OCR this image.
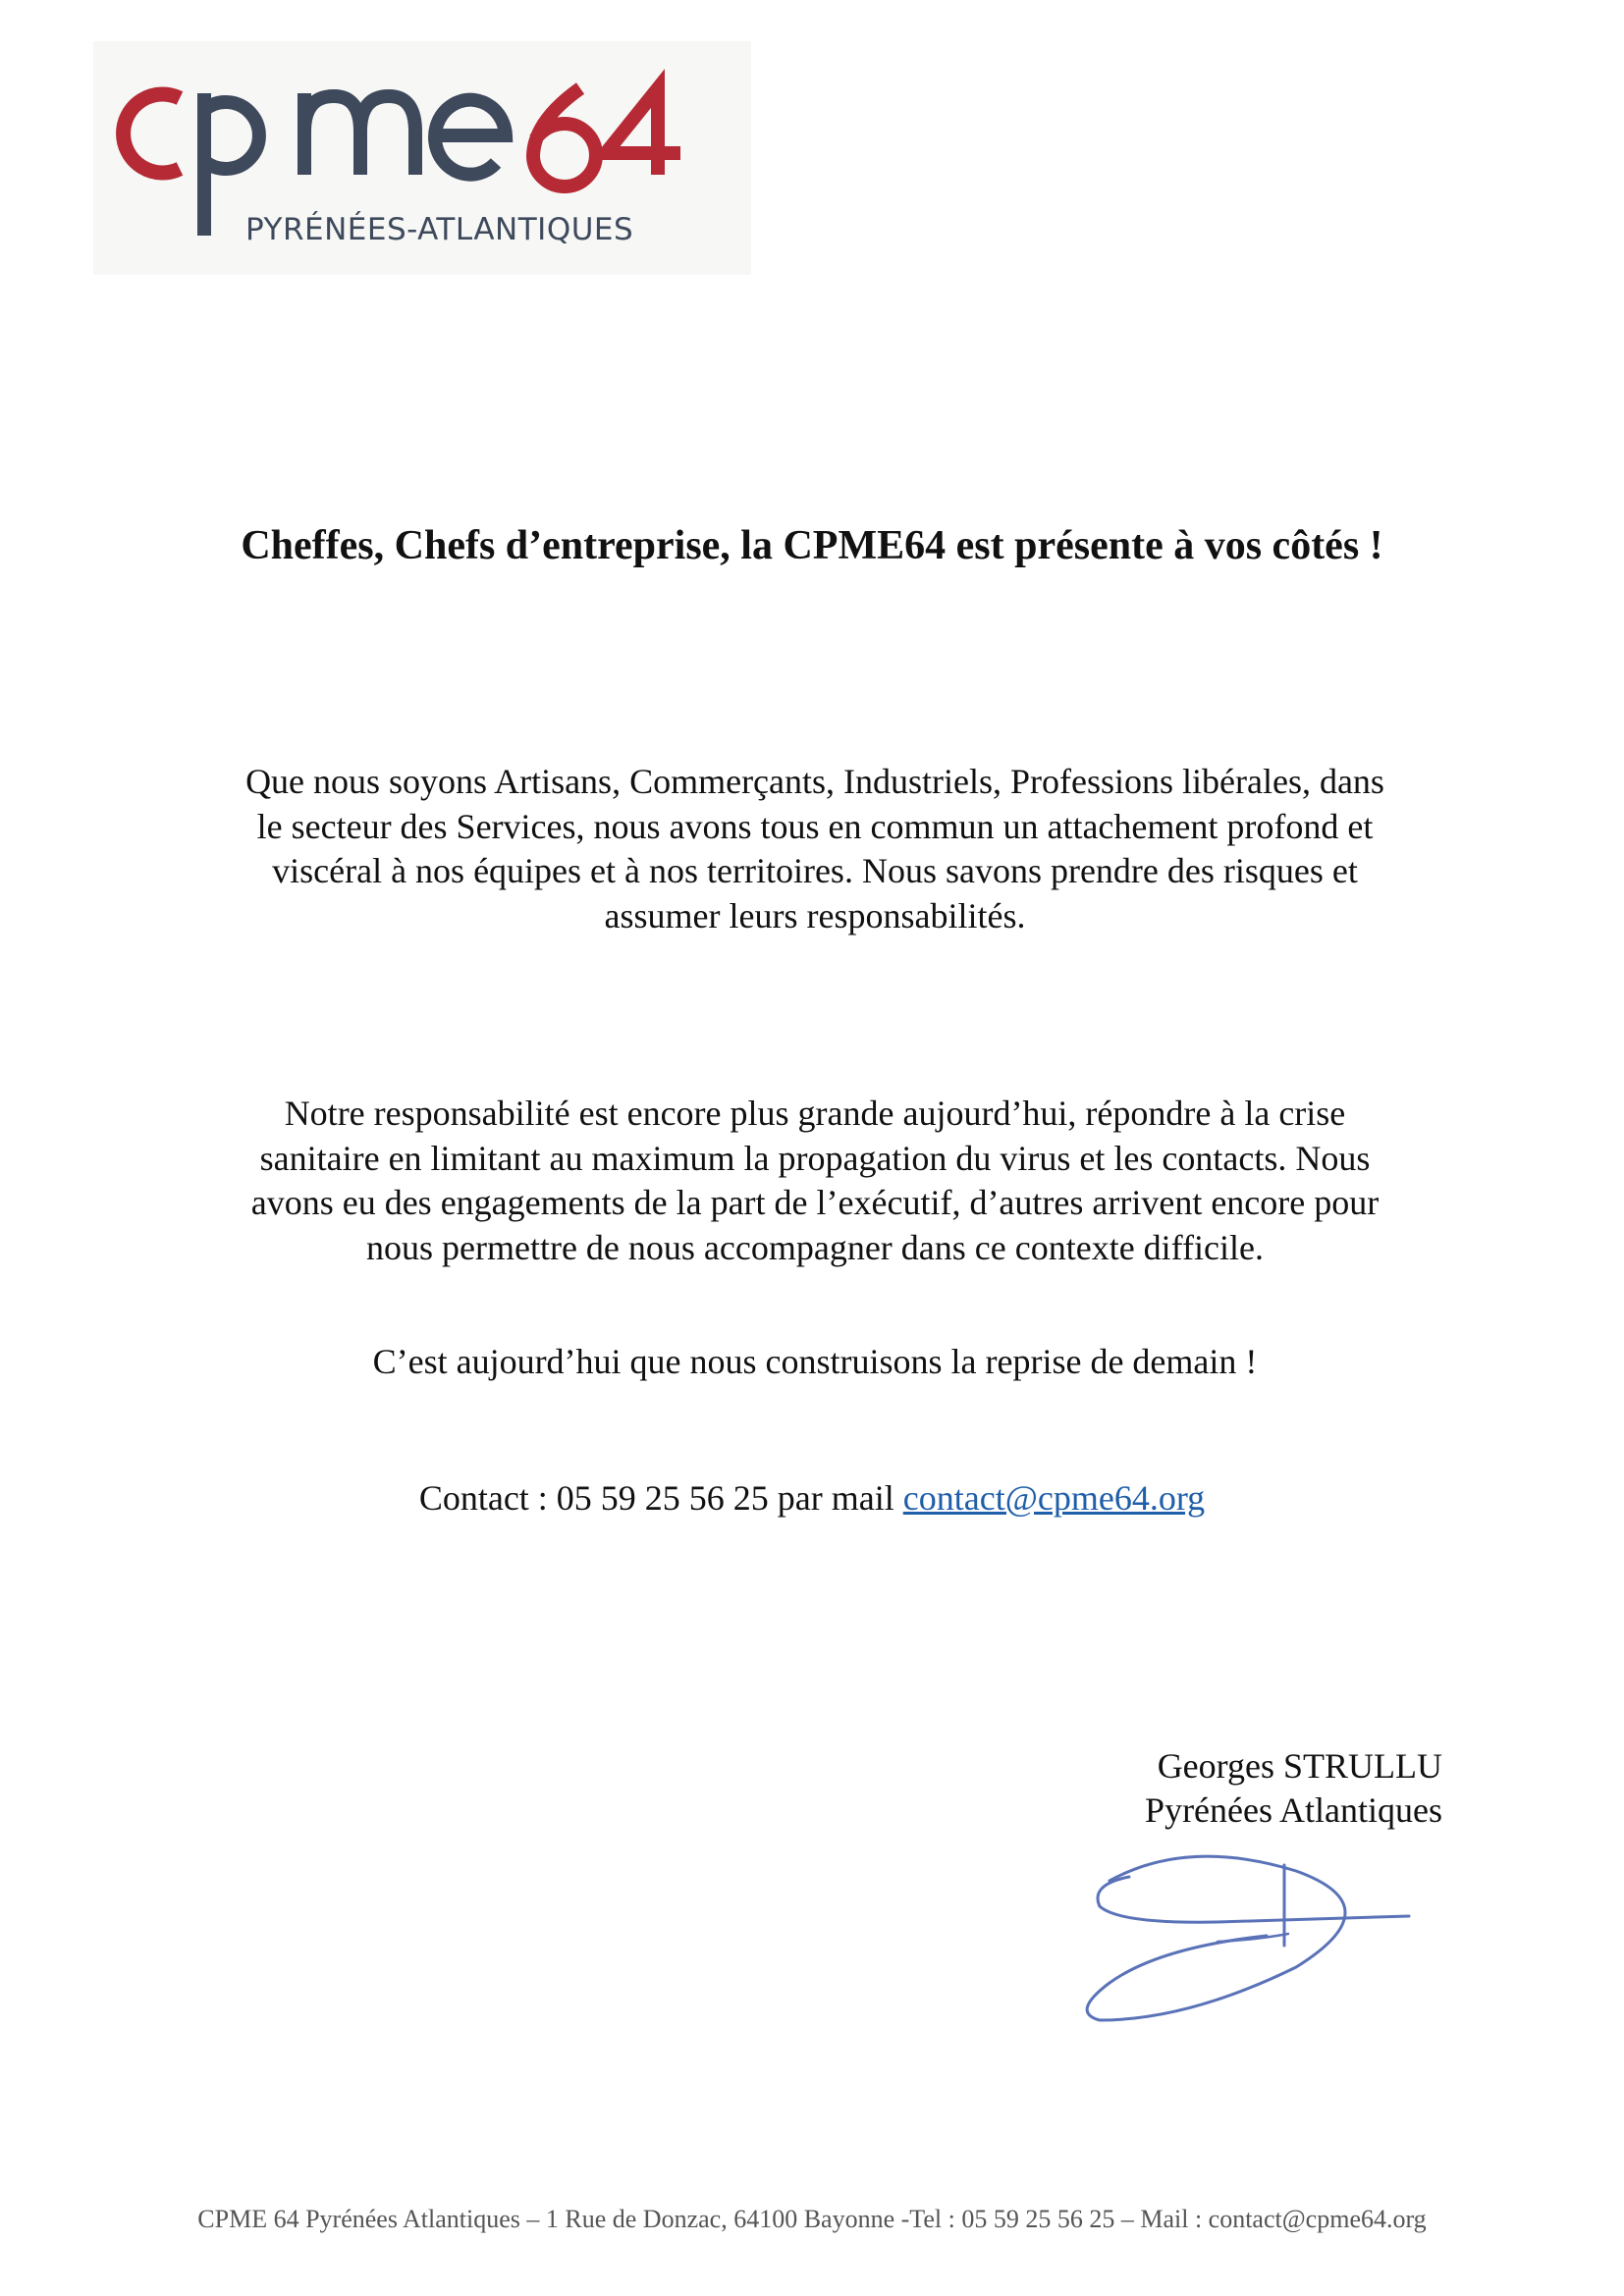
PYRÉNÉES-ATLANTIQUES
Cheffes, Chefs d’entreprise, la CPME64 est présente à vos côtés !
Que nous soyons Artisans, Commerçants, Industriels, Professions libérales, dans
le secteur des Services, nous avons tous en commun un attachement profond et
viscéral à nos équipes et à nos territoires. Nous savons prendre des risques et
assumer leurs responsabilités.
Notre responsabilité est encore plus grande aujourd’hui, répondre à la crise
sanitaire en limitant au maximum la propagation du virus et les contacts. Nous
avons eu des engagements de la part de l’exécutif, d’autres arrivent encore pour
nous permettre de nous accompagner dans ce contexte difficile.
C’est aujourd’hui que nous construisons la reprise de demain !
Contact : 05 59 25 56 25 par mail contact@cpme64.org
Georges STRULLU
Pyrénées Atlantiques
CPME 64 Pyrénées Atlantiques – 1 Rue de Donzac, 64100 Bayonne -Tel : 05 59 25 56 25 – Mail : contact@cpme64.org
